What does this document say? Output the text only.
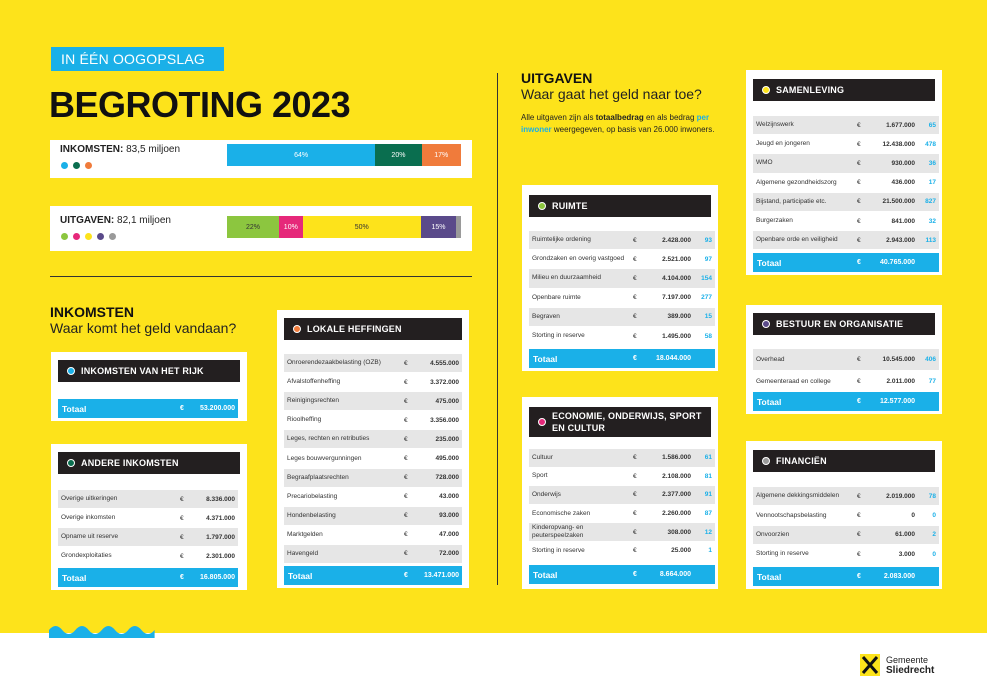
IN ÉÉN OOGOPSLAG
BEGROTING 2023
INKOMSTEN: 83,5 miljoen	64%	20%	17%
UITGAVEN: 82,1 miljoen
22%	10%	50%	15%
INKOMSTEN
Waar komt het geld vandaan?
UITGAVEN
Waar gaat het geld naar toe?
Alle uitgaven zijn als totaalbedrag en als bedrag per inwoner weergegeven, op basis van 26.000 inwoners.
INKOMSTEN VAN HET RIJK
Totaal	€	53.200.000
ANDERE INKOMSTEN
Overige uitkeringen	€	8.336.000
Overige inkomsten	€	4.371.000
Opname uit reserve	€	1.797.000
Grondexploitaties	€	2.301.000
Totaal	€	16.805.000
LOKALE HEFFINGEN
Onroerendezaakbelasting (OZB)	€	4.555.000
Afvalstoffenheffing	€	3.372.000
Reinigingsrechten	€	475.000
Rioolheffing	€	3.356.000
Leges, rechten en retributies	€	235.000
Leges bouwvergunningen	€	495.000
Begraafplaatsrechten	€	728.000
Precariobelasting	€	43.000
Hondenbelasting	€	93.000
Marktgelden	€	47.000
Havengeld	€	72.000
Totaal	€	13.471.000
RUIMTE
Ruimtelijke ordening	€	2.428.000	93
Grondzaken en overig vastgoed	€	2.521.000	97
Milieu en duurzaamheid	€	4.104.000	154
Openbare ruimte	€	7.197.000	277
Begraven	€	389.000	15
Storting in reserve	€	1.495.000	58
Totaal	€	18.044.000
ECONOMIE, ONDERWIJS, SPORT EN CULTUR
Cultuur	€	1.586.000	61
Sport	€	2.108.000	81
Onderwijs	€	2.377.000	91
Economische zaken	€	2.260.000	87
Kinderopvang- en peuterspeelzaken	€	308.000	12
Storting in reserve	€	25.000	1
Totaal	€	8.664.000
SAMENLEVING
Welzijnswerk	€	1.677.000	65
Jeugd en jongeren	€	12.438.000	478
WMO	€	930.000	36
Algemene gezondheidszorg	€	436.000	17
Bijstand, participatie etc.	€	21.500.000	827
Burgerzaken	€	841.000	32
Openbare orde en veiligheid	€	2.943.000	113
Totaal	€	40.765.000
BESTUUR EN ORGANISATIE
Overhead	€	10.545.000	406
Gemeenteraad en college	€	2.011.000	77
Totaal	€	12.577.000
FINANCIËN
Algemene dekkingsmiddelen	€	2.019.000	78
Vennootschapsbelasting	€	0	0
Onvoorzien	€	61.000	2
Storting in reserve	€	3.000	0
Totaal	€	2.083.000
Gemeente
Sliedrecht
